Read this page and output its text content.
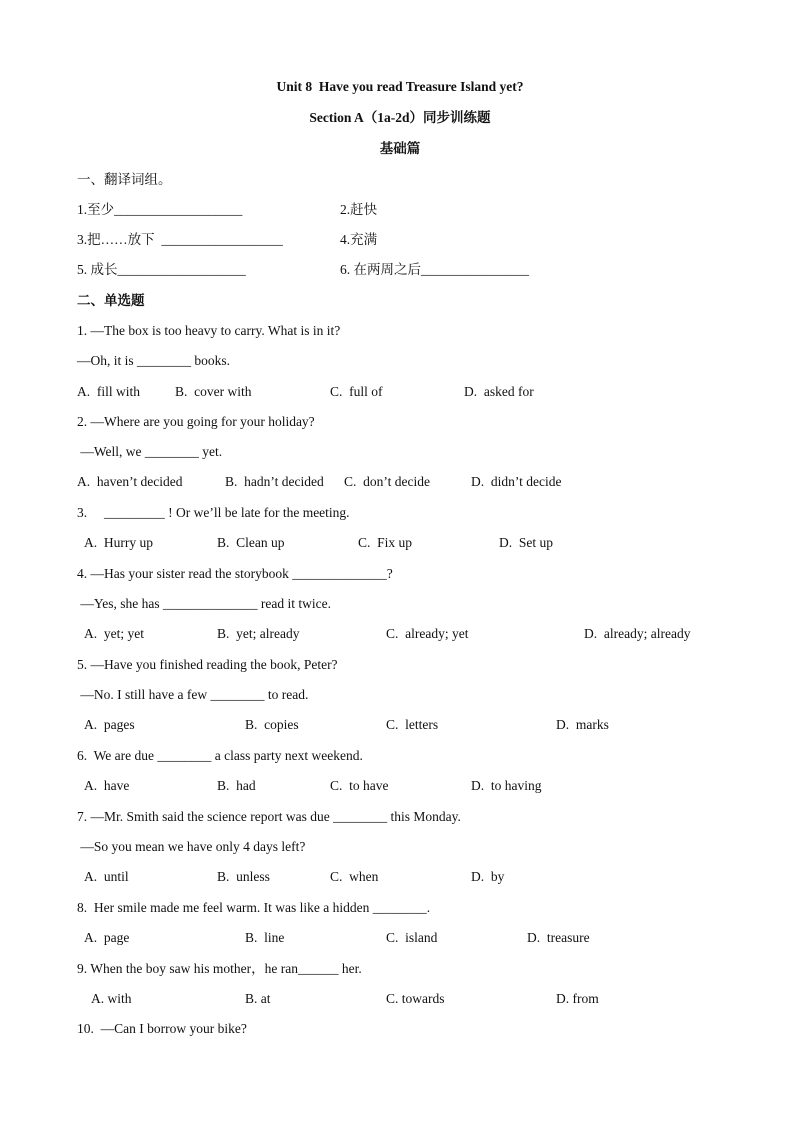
Unit 8  Have you read Treasure Island yet?
Section A（1a-2d）同步训练题
基础篇
一、翻译词组。
1.至少___________________	2.赶快
3.把……放下  __________________	4.充满
5. 成长___________________	6. 在两周之后________________
二、单选题
1. —The box is too heavy to carry. What is in it?
—Oh, it is ________ books.
A.  fill with	B.  cover with	C.  full of	D.  asked for
2. —Where are you going for your holiday?
—Well, we ________ yet.
A.  haven’t decided	B.  hadn’t decided C.  don’t decide	D.  didn’t decide
3.     _________ ! Or we’ll be late for the meeting.
A.  Hurry up	B.  Clean up	C.  Fix up	D.  Set up
4. —Has your sister read the storybook ______________?
—Yes, she has ______________ read it twice.
A.  yet; yet	B.  yet; already	C.  already; yet	D.  already; already
5. —Have you finished reading the book, Peter?
—No. I still have a few ________ to read.
A.  pages	B.  copies	C.  letters	D.  marks
6.  We are due ________ a class party next weekend.
A.  have	B.  had	C.  to have	D.  to having
7. —Mr. Smith said the science report was due ________ this Monday.
—So you mean we have only 4 days left?
A.  until	B.  unless	C.  when	D.  by
8.  Her smile made me feel warm. It was like a hidden ________.
A.  page	B.  line	C.  island	D.  treasure
9. When the boy saw his mother，he ran______ her.
A. with	B. at	C. towards	D. from
10.  —Can I borrow your bike?
